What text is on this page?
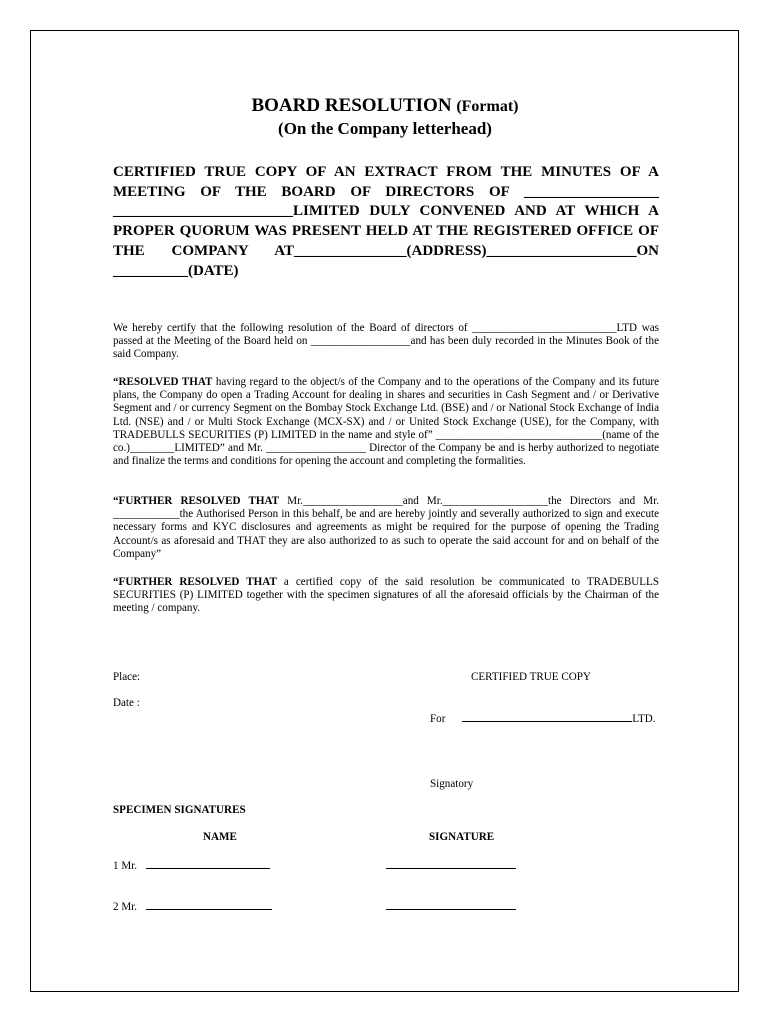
BOARD RESOLUTION (Format)
(On the Company letterhead)
CERTIFIED TRUE COPY OF AN EXTRACT FROM THE MINUTES OF A MEETING OF THE BOARD OF DIRECTORS OF __________________ ________________________LIMITED DULY CONVENED AND AT WHICH A PROPER QUORUM WAS PRESENT HELD AT THE REGISTERED OFFICE OF THE COMPANY AT_______________(ADDRESS)____________________ON __________(DATE)
We hereby certify that the following resolution of the Board of directors of __________________________LTD was passed at the Meeting of the Board held on __________________and has been duly recorded in the Minutes Book of the said Company.
“RESOLVED THAT having regard to the object/s of the Company and to the operations of the Company and its future plans, the Company do open a Trading Account for dealing in shares and securities in Cash Segment and / or Derivative Segment and / or currency Segment on the Bombay Stock Exchange Ltd. (BSE) and / or National Stock Exchange of India Ltd. (NSE) and / or Multi Stock Exchange (MCX-SX) and / or United Stock Exchange (USE), for the Company, with TRADEBULLS SECURITIES (P) LIMITED in the name and style of” ______________________________(name of the co.)________LIMITED” and Mr. __________________ Director of the Company be and is herby authorized to negotiate and finalize the terms and conditions for opening the account and completing the formalities.
“FURTHER RESOLVED THAT Mr.__________________and Mr.___________________the Directors and Mr. ____________the Authorised Person in this behalf, be and are hereby jointly and severally authorized to sign and execute necessary forms and KYC disclosures and agreements as might be required for the purpose of opening the Trading Account/s as aforesaid and THAT they are also authorized to as such to operate the said account for and on behalf of the Company”
“FURTHER RESOLVED THAT a certified copy of the said resolution be communicated to TRADEBULLS SECURITIES (P) LIMITED together with the specimen signatures of all the aforesaid officials by the Chairman of the meeting / company.
Place:	CERTIFIED TRUE COPY
Date :
For	LTD.
Signatory
SPECIMEN SIGNATURES
NAME	SIGNATURE
1 Mr.
2 Mr.
